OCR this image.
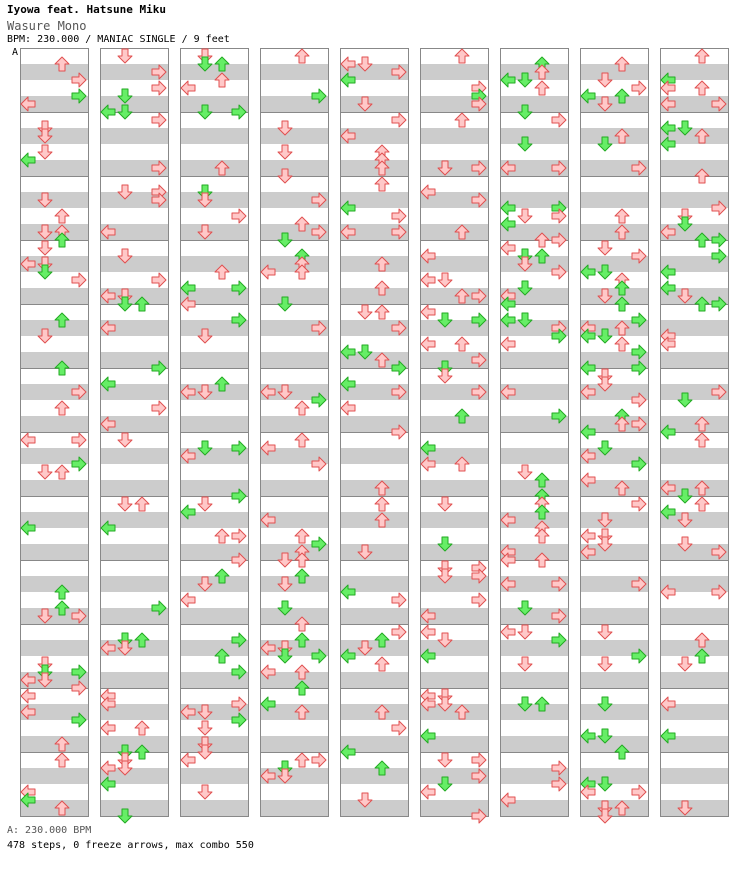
Iyowa feat. Hatsune Miku
Wasure Mono
BPM: 230.000 / MANIAC SINGLE / 9 feet
A
A: 230.000 BPM
478 steps, 0 freeze arrows, max combo 550
